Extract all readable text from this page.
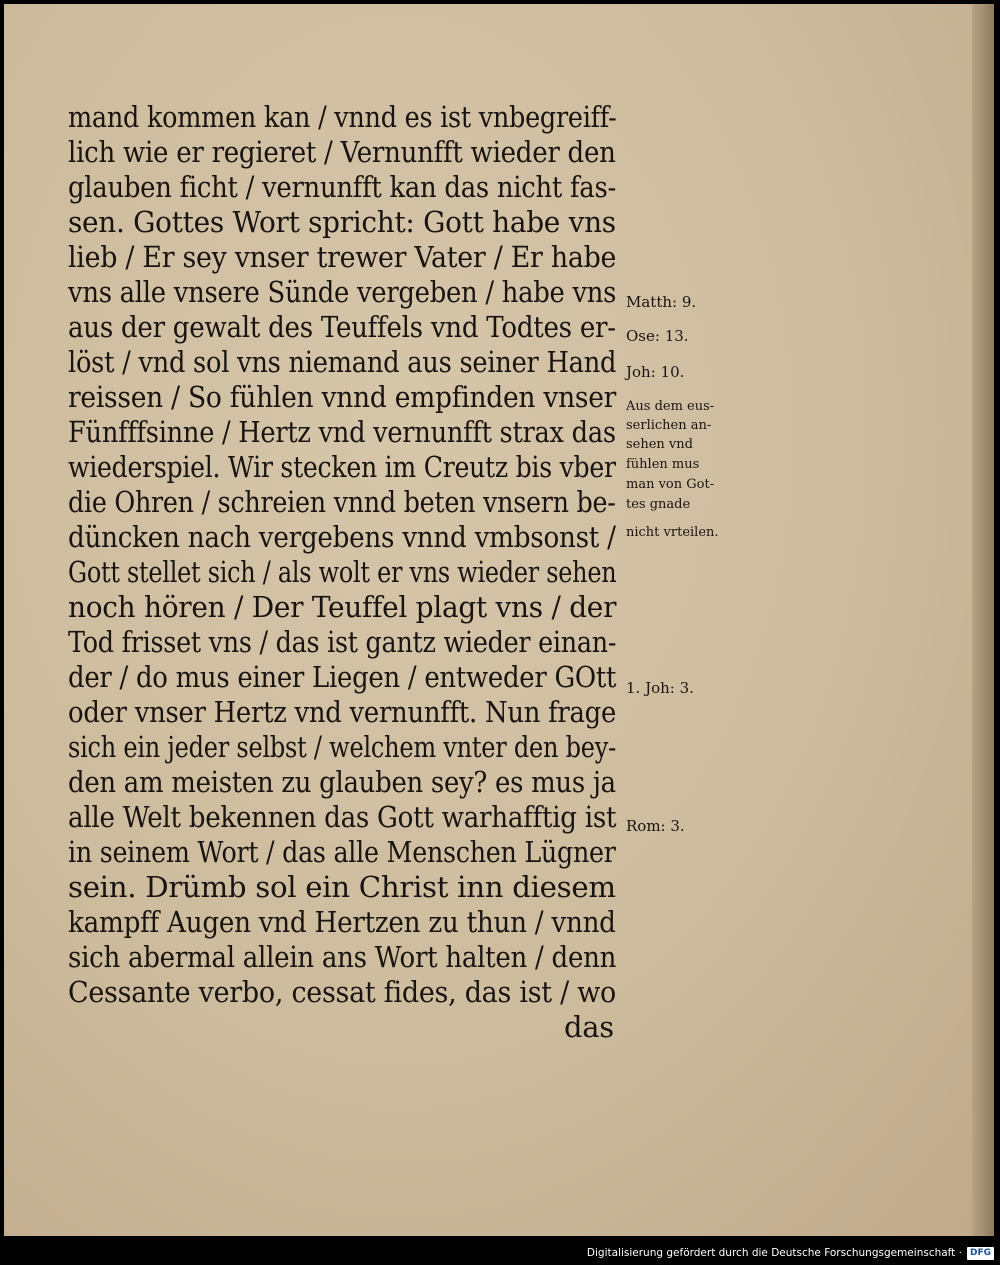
mand kommen kan / vnnd es ist vnbegreiff-
lich wie er regieret / Vernunfft wieder den
glauben ficht / vernunfft kan das nicht fas-
sen. Gottes Wort spricht: Gott habe vns
lieb / Er sey vnser trewer Vater / Er habe
vns alle vnsere Sünde vergeben / habe vns
aus der gewalt des Teuffels vnd Todtes er-
löst / vnd sol vns niemand aus seiner Hand
reissen / So fühlen vnnd empfinden vnser
Fünfffsinne / Hertz vnd vernunfft strax das
wiederspiel. Wir stecken im Creutz bis vber
die Ohren / schreien vnnd beten vnsern be-
düncken nach vergebens vnnd vmbsonst /
Gott stellet sich / als wolt er vns wieder sehen
noch hören / Der Teuffel plagt vns / der
Tod frisset vns / das ist gantz wieder einan-
der / do mus einer Liegen / entweder GOtt
oder vnser Hertz vnd vernunfft. Nun frage
sich ein jeder selbst / welchem vnter den bey-
den am meisten zu glauben sey? es mus ja
alle Welt bekennen das Gott warhafftig ist
in seinem Wort / das alle Menschen Lügner
sein. Drümb sol ein Christ inn diesem
kampff Augen vnd Hertzen zu thun / vnnd
sich abermal allein ans Wort halten / denn
Cessante verbo, cessat fides, das ist / wo
das
Matth: 9.
Ose: 13.
Joh: 10.
Aus dem eus-
serlichen an-
sehen vnd
fühlen mus
man von Got-
tes gnade
nicht vrteilen.
1. Joh: 3.
Rom: 3.
Digitalisierung gefördert durch die Deutsche Forschungsgemeinschaft · DFG
